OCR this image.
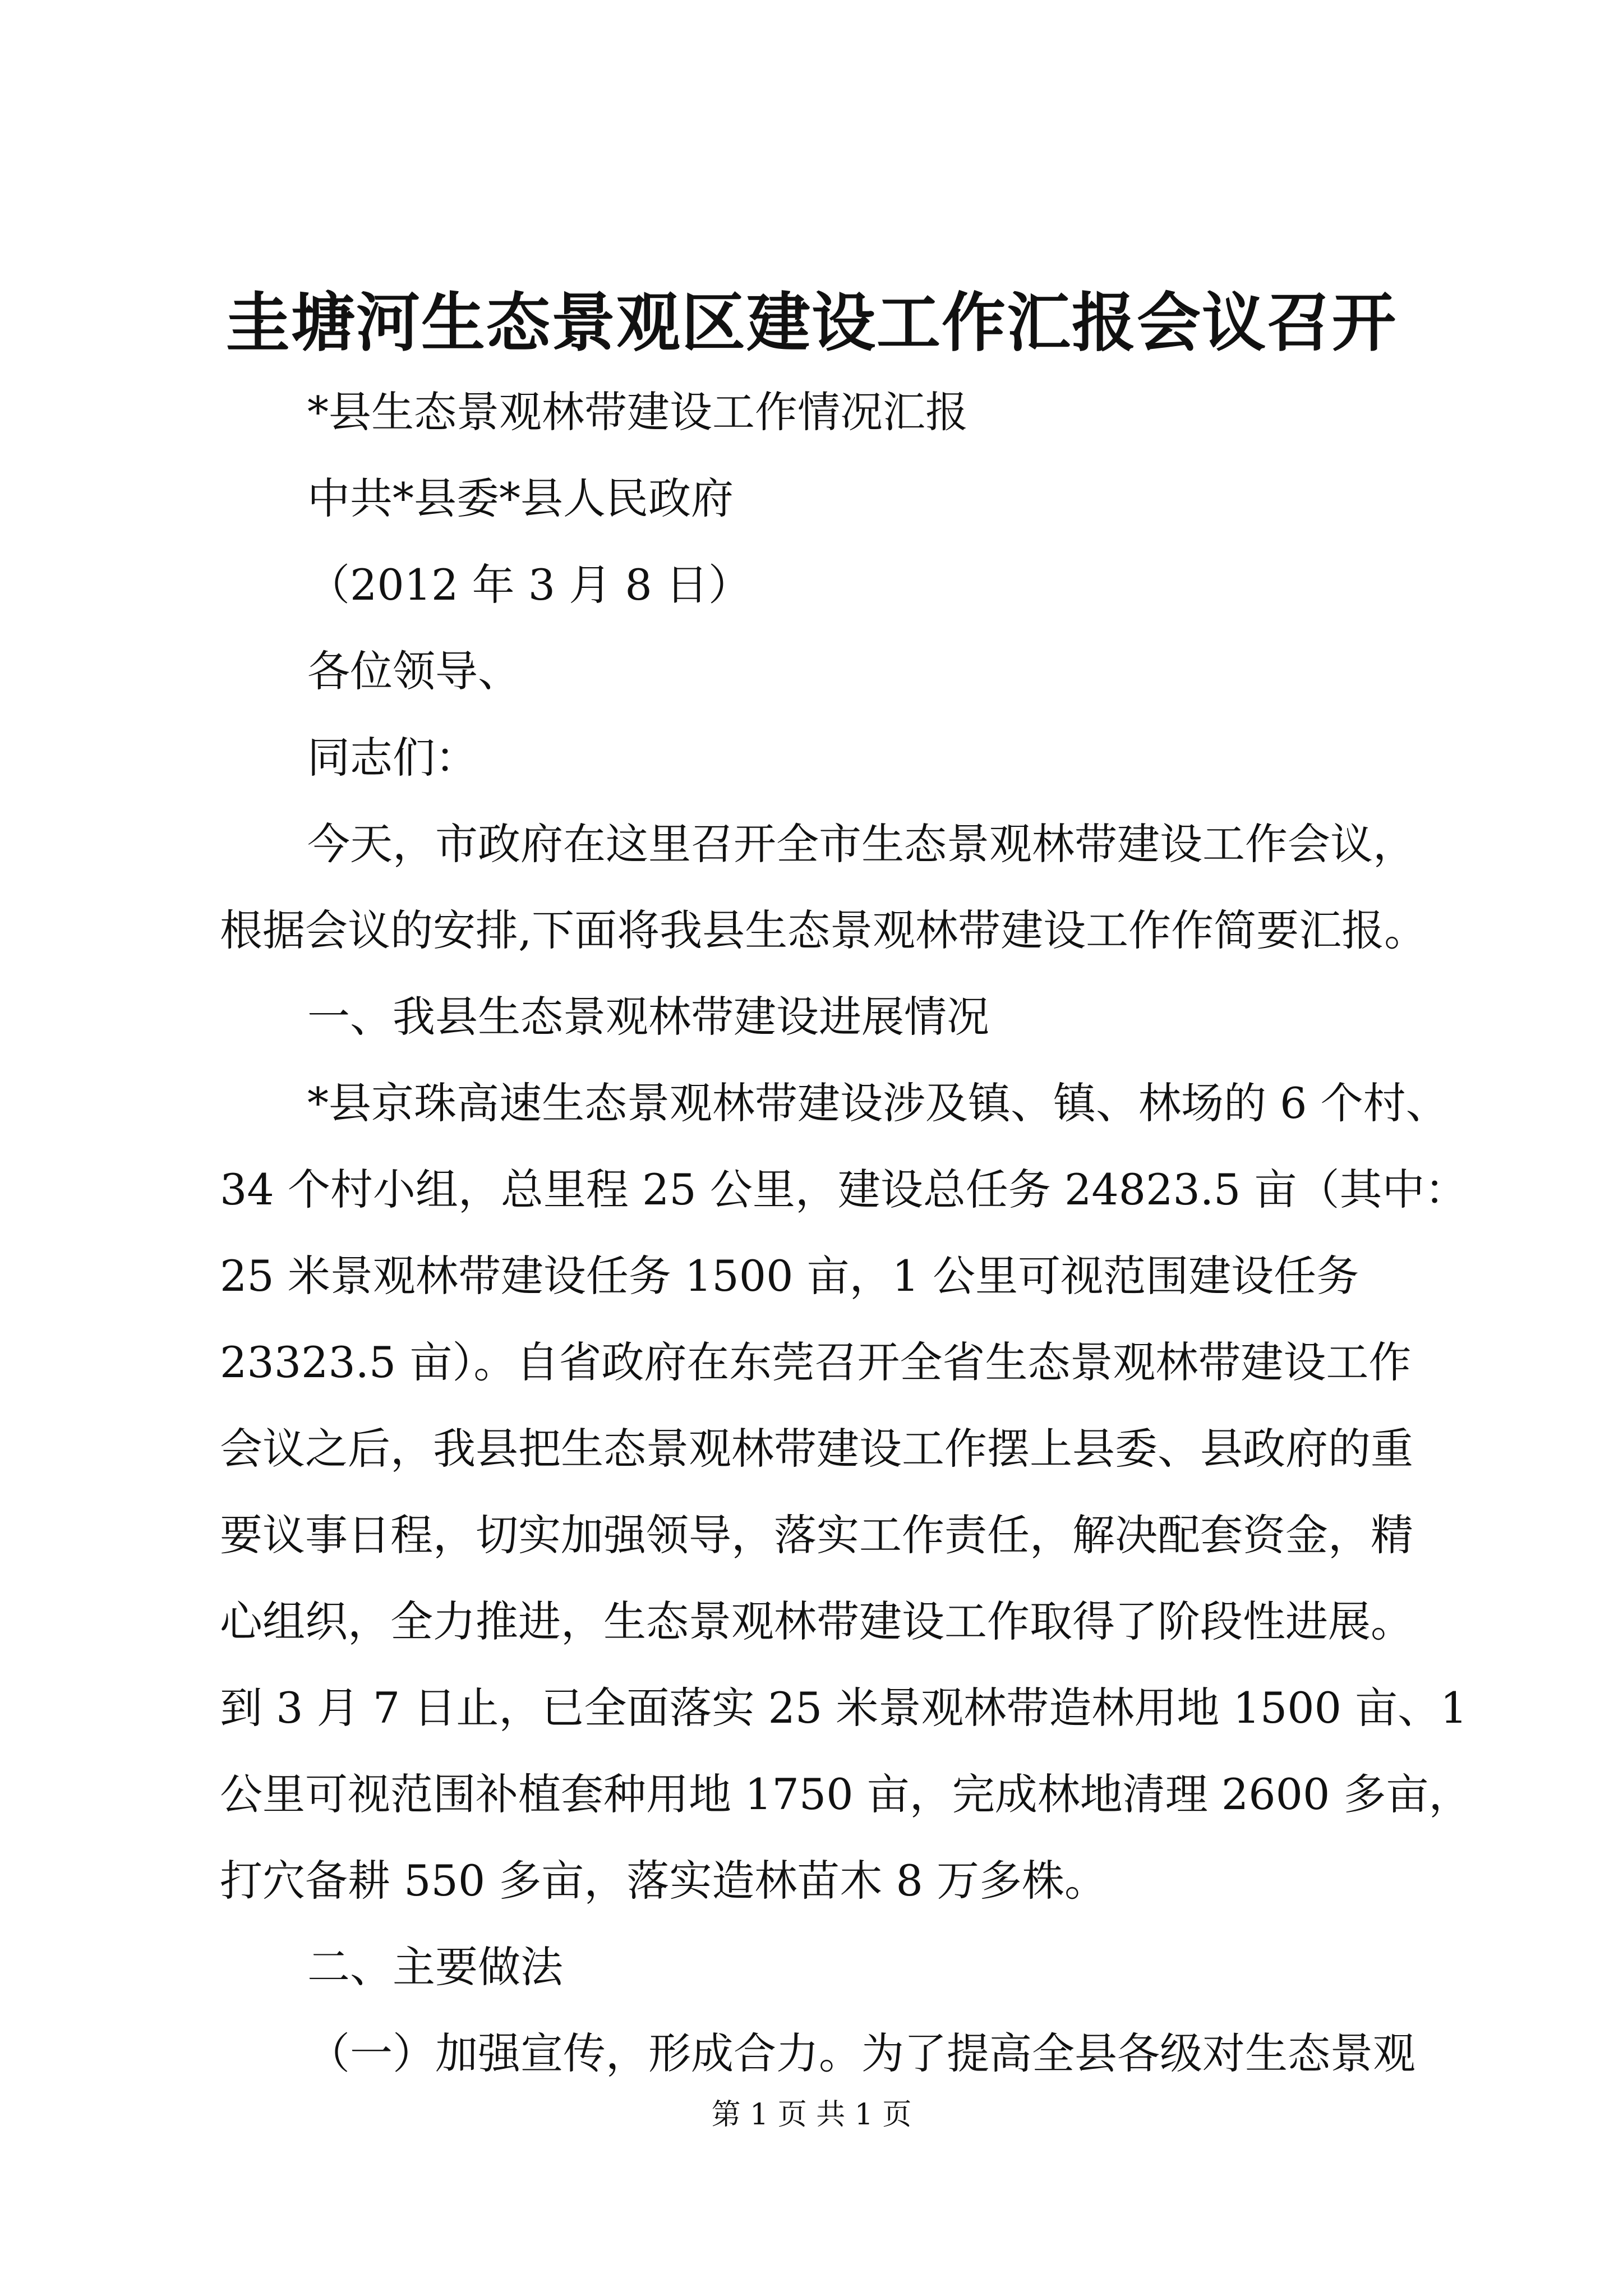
圭塘河生态景观区建设工作汇报会议召开
*县生态景观林带建设工作情况汇报
中共*县委*县人民政府
（2012 年 3 月 8 日）
各位领导、
同志们：
今天，市政府在这里召开全市生态景观林带建设工作会议，
根据会议的安排,下面将我县生态景观林带建设工作作简要汇报。
一、我县生态景观林带建设进展情况
*县京珠高速生态景观林带建设涉及镇、镇、林场的 6 个村、
34 个村小组，总里程 25 公里，建设总任务 24823.5 亩（其中：
25 米景观林带建设任务 1500 亩，1 公里可视范围建设任务
23323.5 亩）。自省政府在东莞召开全省生态景观林带建设工作
会议之后，我县把生态景观林带建设工作摆上县委、县政府的重
要议事日程，切实加强领导，落实工作责任，解决配套资金，精
心组织，全力推进，生态景观林带建设工作取得了阶段性进展。
到 3 月 7 日止，已全面落实 25 米景观林带造林用地 1500 亩、1
公里可视范围补植套种用地 1750 亩，完成林地清理 2600 多亩，
打穴备耕 550 多亩，落实造林苗木 8 万多株。
二、主要做法
（一）加强宣传，形成合力。为了提高全县各级对生态景观
第 1 页 共 1 页
